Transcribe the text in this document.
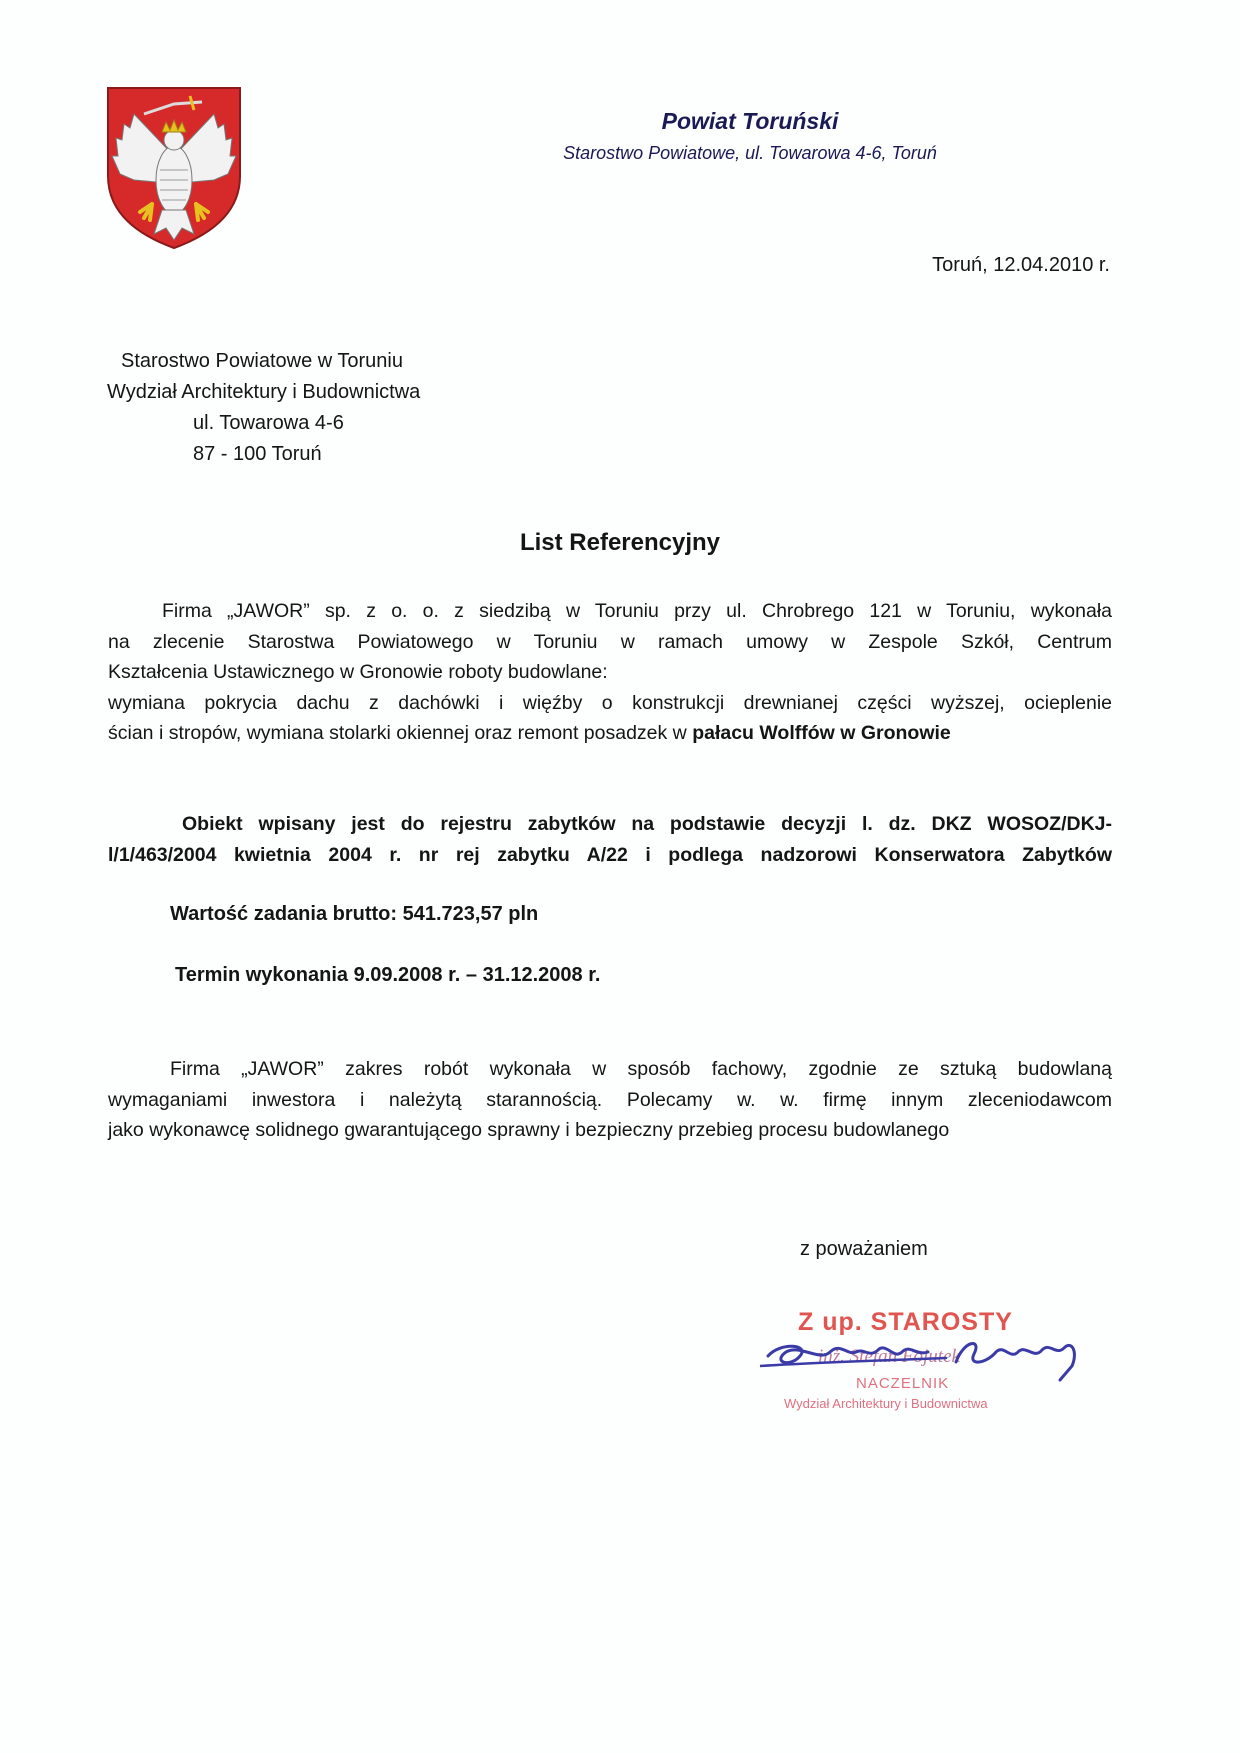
Powiat Toruński
Starostwo Powiatowe, ul. Towarowa 4-6, Toruń
Toruń, 12.04.2010 r.
Starostwo Powiatowe w Toruniu
Wydział Architektury i Budownictwa
ul. Towarowa 4-6
87 - 100 Toruń
List Referencyjny
Firma „JAWOR” sp. z o. o. z siedzibą w Toruniu przy ul. Chrobrego 121 w Toruniu, wykonała
na zlecenie Starostwa Powiatowego w Toruniu w ramach umowy w Zespole Szkół, Centrum
Kształcenia Ustawicznego w Gronowie roboty budowlane:
wymiana pokrycia dachu z dachówki i więźby o konstrukcji drewnianej części wyższej, ocieplenie
ścian i stropów, wymiana stolarki okiennej oraz remont posadzek w pałacu Wolffów w Gronowie
Obiekt wpisany jest do rejestru zabytków na podstawie decyzji l. dz. DKZ WOSOZ/DKJ-
l/1/463/2004 kwietnia 2004 r. nr rej zabytku A/22 i podlega nadzorowi Konserwatora Zabytków
Wartość zadania brutto: 541.723,57 pln
Termin wykonania 9.09.2008 r. – 31.12.2008 r.
Firma „JAWOR” zakres robót wykonała w sposób fachowy, zgodnie ze sztuką budowlaną
wymaganiami inwestora i należytą starannością. Polecamy w. w. firmę innym zleceniodawcom
jako wykonawcę solidnego gwarantującego sprawny i bezpieczny przebieg procesu budowlanego
z poważaniem
Z up. STAROSTY
inż. Stefan Fojutek
NACZELNIK
Wydział Architektury i Budownictwa
